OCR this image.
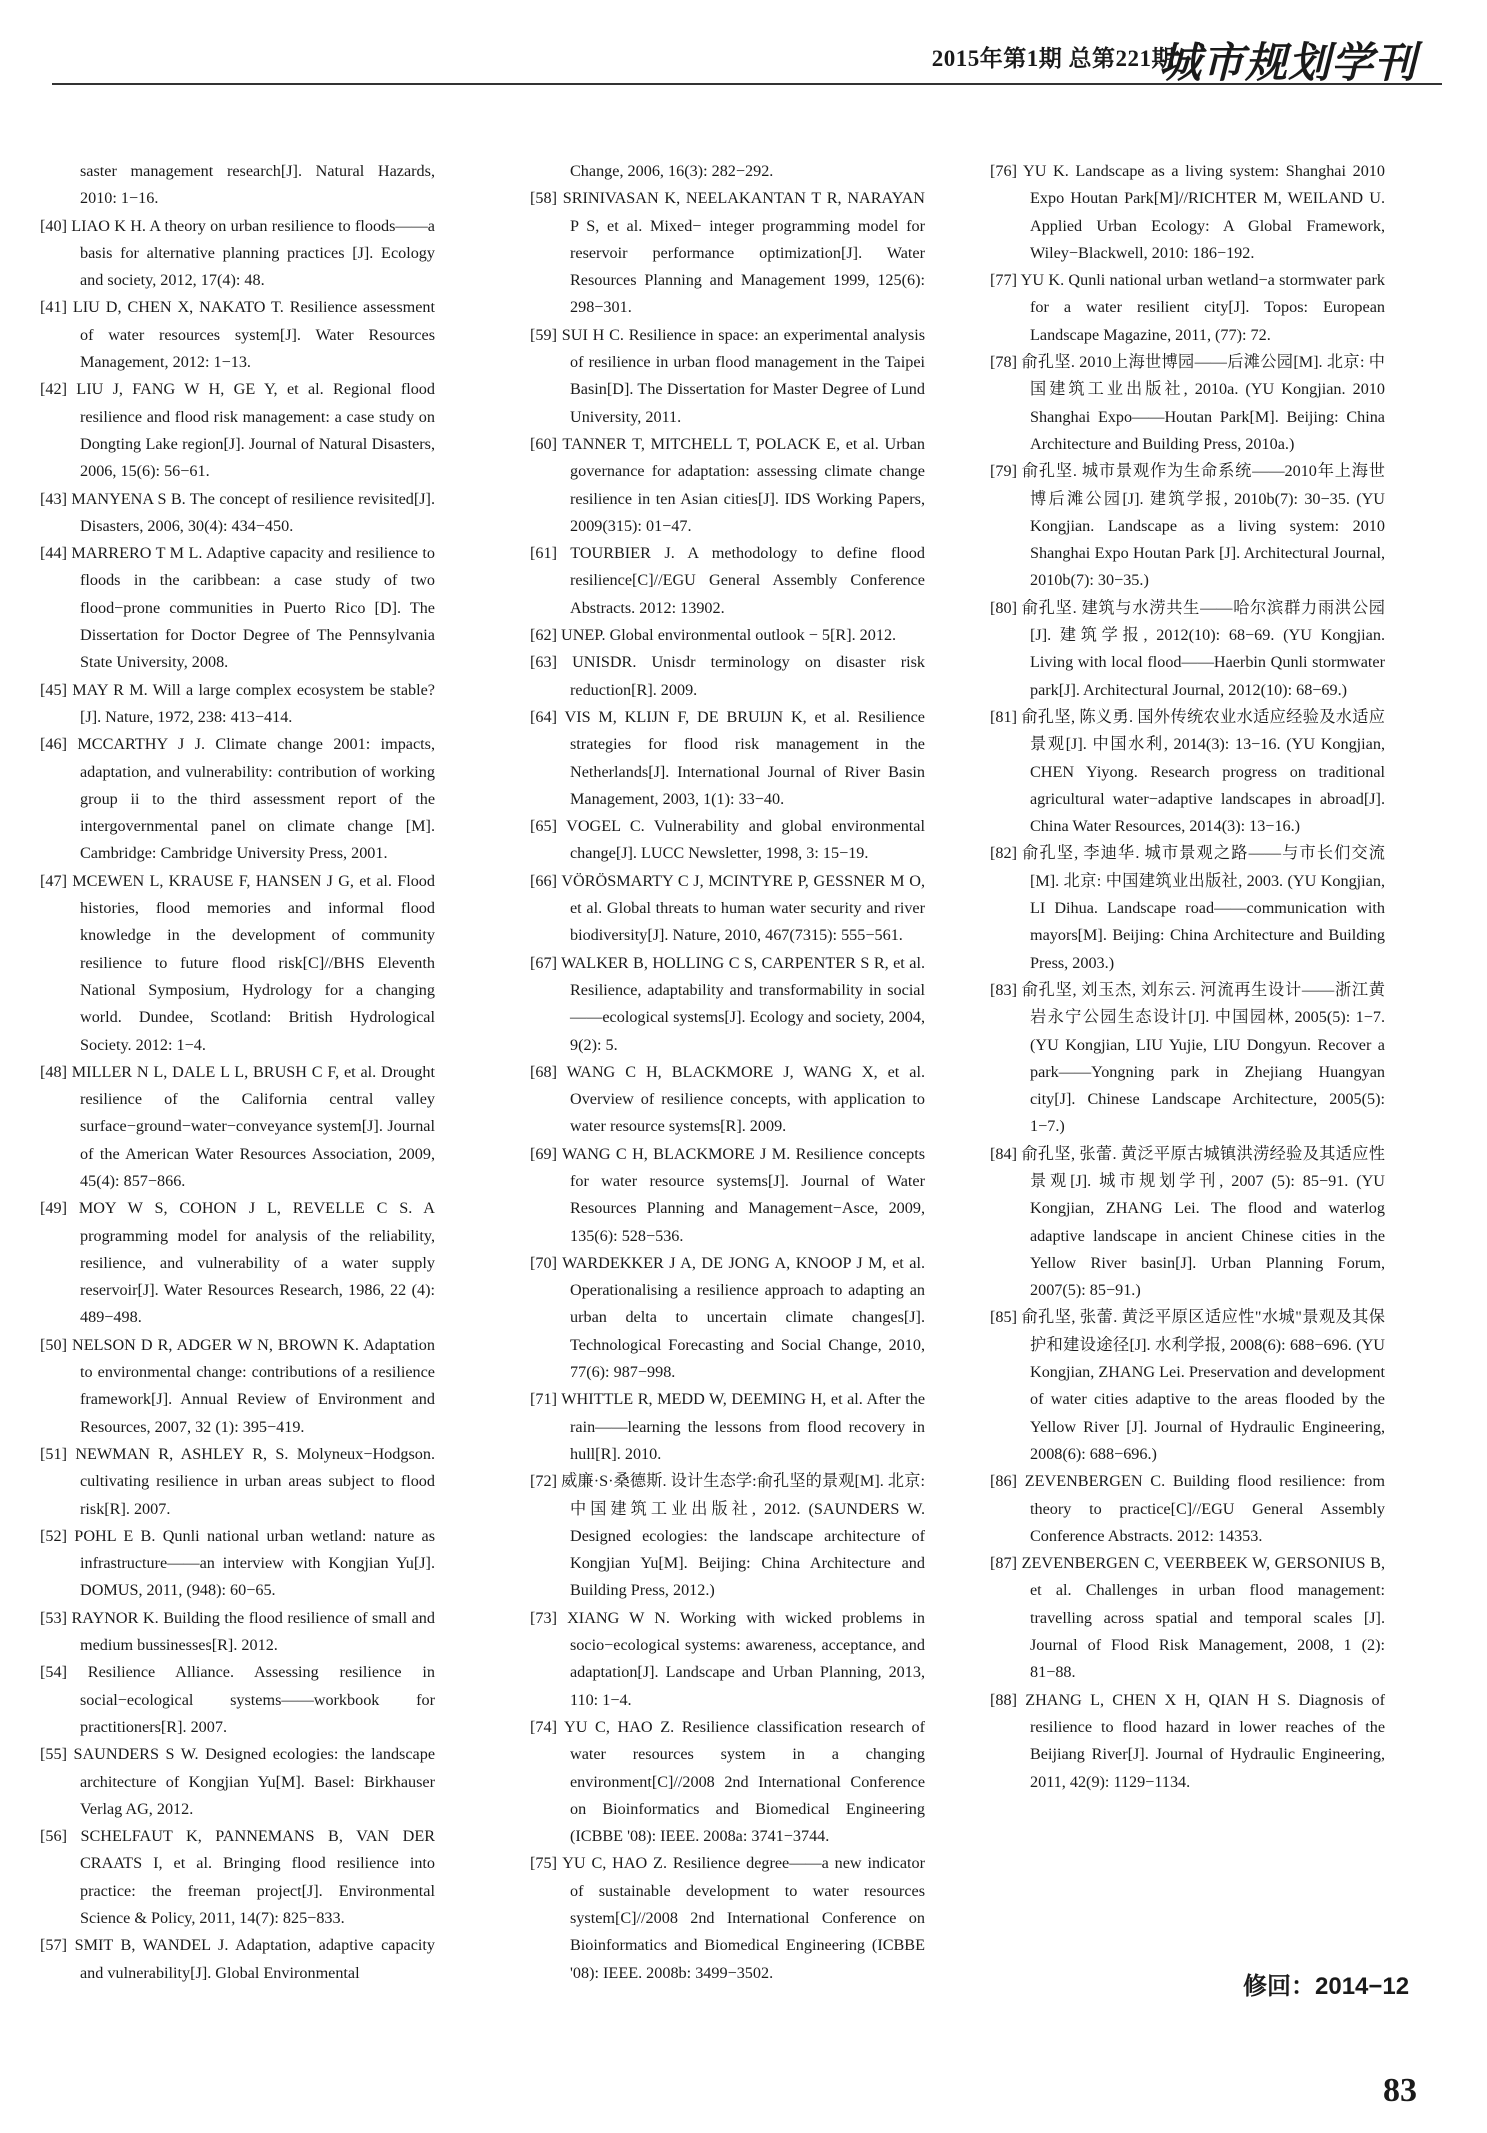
2015年第1期 总第221期
城市规划学刊

saster management research[J]. Natural Hazards, 2010: 1−16.

[40] LIAO K H. A theory on urban resilience to floods——a basis for alternative planning practices [J]. Ecology and society, 2012, 17(4): 48.

[41] LIU D, CHEN X, NAKATO T. Resilience assessment of water resources system[J]. Water Resources Management, 2012: 1−13.

[42] LIU J, FANG W H, GE Y, et al. Regional flood resilience and flood risk management: a case study on Dongting Lake region[J]. Journal of Natural Disasters, 2006, 15(6): 56−61.

[43] MANYENA S B. The concept of resilience revisited[J]. Disasters, 2006, 30(4): 434−450.

[44] MARRERO T M L. Adaptive capacity and resilience to floods in the caribbean: a case study of two flood−prone communities in Puerto Rico [D]. The Dissertation for Doctor Degree of The Pennsylvania State University, 2008.

[45] MAY R M. Will a large complex ecosystem be stable?[J]. Nature, 1972, 238: 413−414.

[46] MCCARTHY J J. Climate change 2001: impacts, adaptation, and vulnerability: contribution of working group ii to the third assessment report of the intergovernmental panel on climate change [M]. Cambridge: Cambridge University Press, 2001.

[47] MCEWEN L, KRAUSE F, HANSEN J G, et al. Flood histories, flood memories and informal flood knowledge in the development of community resilience to future flood risk[C]//BHS Eleventh National Symposium, Hydrology for a changing world. Dundee, Scotland: British Hydrological Society. 2012: 1−4.

[48] MILLER N L, DALE L L, BRUSH C F, et al. Drought resilience of the California central valley surface−ground−water−conveyance system[J]. Journal of the American Water Resources Association, 2009, 45(4): 857−866.

[49] MOY W S, COHON J L, REVELLE C S. A programming model for analysis of the reliability, resilience, and vulnerability of a water supply reservoir[J]. Water Resources Research, 1986, 22 (4): 489−498.

[50] NELSON D R, ADGER W N, BROWN K. Adaptation to environmental change: contributions of a resilience framework[J]. Annual Review of Environment and Resources, 2007, 32 (1): 395−419.

[51] NEWMAN R, ASHLEY R, S. Molyneux−Hodgson. cultivating resilience in urban areas subject to flood risk[R]. 2007.

[52] POHL E B. Qunli national urban wetland: nature as infrastructure——an interview with Kongjian Yu[J]. DOMUS, 2011, (948): 60−65.

[53] RAYNOR K. Building the flood resilience of small and medium bussinesses[R]. 2012.

[54] Resilience Alliance. Assessing resilience in social−ecological systems——workbook for practitioners[R]. 2007.

[55] SAUNDERS S W. Designed ecologies: the landscape architecture of Kongjian Yu[M]. Basel: Birkhauser Verlag AG, 2012.

[56] SCHELFAUT K, PANNEMANS B, VAN DER CRAATS I, et al. Bringing flood resilience into practice: the freeman project[J]. Environmental Science & Policy, 2011, 14(7): 825−833.

[57] SMIT B, WANDEL J. Adaptation, adaptive capacity and vulnerability[J]. Global Environmental

Change, 2006, 16(3): 282−292.

[58] SRINIVASAN K, NEELAKANTAN T R, NARAYAN P S, et al. Mixed− integer programming model for reservoir performance optimization[J]. Water Resources Planning and Management 1999, 125(6): 298−301.

[59] SUI H C. Resilience in space: an experimental analysis of resilience in urban flood management in the Taipei Basin[D]. The Dissertation for Master Degree of Lund University, 2011.

[60] TANNER T, MITCHELL T, POLACK E, et al. Urban governance for adaptation: assessing climate change resilience in ten Asian cities[J]. IDS Working Papers, 2009(315): 01−47.

[61] TOURBIER J. A methodology to define flood resilience[C]//EGU General Assembly Conference Abstracts. 2012: 13902.

[62] UNEP. Global environmental outlook − 5[R]. 2012.

[63] UNISDR. Unisdr terminology on disaster risk reduction[R]. 2009.

[64] VIS M, KLIJN F, DE BRUIJN K, et al. Resilience strategies for flood risk management in the Netherlands[J]. International Journal of River Basin Management, 2003, 1(1): 33−40.

[65] VOGEL C. Vulnerability and global environmental change[J]. LUCC Newsletter, 1998, 3: 15−19.

[66] VÖRÖSMARTY C J, MCINTYRE P, GESSNER M O, et al. Global threats to human water security and river biodiversity[J]. Nature, 2010, 467(7315): 555−561.

[67] WALKER B, HOLLING C S, CARPENTER S R, et al. Resilience, adaptability and transformability in social——ecological systems[J]. Ecology and society, 2004, 9(2): 5.

[68] WANG C H, BLACKMORE J, WANG X, et al. Overview of resilience concepts, with application to water resource systems[R]. 2009.

[69] WANG C H, BLACKMORE J M. Resilience concepts for water resource systems[J]. Journal of Water Resources Planning and Management−Asce, 2009, 135(6): 528−536.

[70] WARDEKKER J A, DE JONG A, KNOOP J M, et al. Operationalising a resilience approach to adapting an urban delta to uncertain climate changes[J]. Technological Forecasting and Social Change, 2010, 77(6): 987−998.

[71] WHITTLE R, MEDD W, DEEMING H, et al. After the rain——learning the lessons from flood recovery in hull[R]. 2010.

[72] 威廉·S·桑德斯. 设计生态学:俞孔坚的景观[M]. 北京: 中国建筑工业出版社, 2012. (SAUNDERS W. Designed ecologies: the landscape architecture of Kongjian Yu[M]. Beijing: China Architecture and Building Press, 2012.)

[73] XIANG W N. Working with wicked problems in socio−ecological systems: awareness, acceptance, and adaptation[J]. Landscape and Urban Planning, 2013, 110: 1−4.

[74] YU C, HAO Z. Resilience classification research of water resources system in a changing environment[C]//2008 2nd International Conference on Bioinformatics and Biomedical Engineering (ICBBE '08): IEEE. 2008a: 3741−3744.

[75] YU C, HAO Z. Resilience degree——a new indicator of sustainable development to water resources system[C]//2008 2nd International Conference on Bioinformatics and Biomedical Engineering (ICBBE '08): IEEE. 2008b: 3499−3502.

[76] YU K. Landscape as a living system: Shanghai 2010 Expo Houtan Park[M]//RICHTER M, WEILAND U. Applied Urban Ecology: A Global Framework, Wiley−Blackwell, 2010: 186−192.

[77] YU K. Qunli national urban wetland−a stormwater park for a water resilient city[J]. Topos: European Landscape Magazine, 2011, (77): 72.

[78] 俞孔坚. 2010上海世博园——后滩公园[M]. 北京: 中国建筑工业出版社, 2010a. (YU Kongjian. 2010 Shanghai Expo——Houtan Park[M]. Beijing: China Architecture and Building Press, 2010a.)

[79] 俞孔坚. 城市景观作为生命系统——2010年上海世博后滩公园[J]. 建筑学报, 2010b(7): 30−35. (YU Kongjian. Landscape as a living system: 2010 Shanghai Expo Houtan Park [J]. Architectural Journal, 2010b(7): 30−35.)

[80] 俞孔坚. 建筑与水涝共生——哈尔滨群力雨洪公园[J]. 建筑学报, 2012(10): 68−69. (YU Kongjian. Living with local flood——Haerbin Qunli stormwater park[J]. Architectural Journal, 2012(10): 68−69.)

[81] 俞孔坚, 陈义勇. 国外传统农业水适应经验及水适应景观[J]. 中国水利, 2014(3): 13−16. (YU Kongjian, CHEN Yiyong. Research progress on traditional agricultural water−adaptive landscapes in abroad[J]. China Water Resources, 2014(3): 13−16.)

[82] 俞孔坚, 李迪华. 城市景观之路——与市长们交流[M]. 北京: 中国建筑业出版社, 2003. (YU Kongjian, LI Dihua. Landscape road——communication with mayors[M]. Beijing: China Architecture and Building Press, 2003.)

[83] 俞孔坚, 刘玉杰, 刘东云. 河流再生设计——浙江黄岩永宁公园生态设计[J]. 中国园林, 2005(5): 1−7. (YU Kongjian, LIU Yujie, LIU Dongyun. Recover a park——Yongning park in Zhejiang Huangyan city[J]. Chinese Landscape Architecture, 2005(5): 1−7.)

[84] 俞孔坚, 张蕾. 黄泛平原古城镇洪涝经验及其适应性景观[J]. 城市规划学刊, 2007 (5): 85−91. (YU Kongjian, ZHANG Lei. The flood and waterlog adaptive landscape in ancient Chinese cities in the Yellow River basin[J]. Urban Planning Forum, 2007(5): 85−91.)

[85] 俞孔坚, 张蕾. 黄泛平原区适应性"水城"景观及其保护和建设途径[J]. 水利学报, 2008(6): 688−696. (YU Kongjian, ZHANG Lei. Preservation and development of water cities adaptive to the areas flooded by the Yellow River [J]. Journal of Hydraulic Engineering, 2008(6): 688−696.)

[86] ZEVENBERGEN C. Building flood resilience: from theory to practice[C]//EGU General Assembly Conference Abstracts. 2012: 14353.

[87] ZEVENBERGEN C, VEERBEEK W, GERSONIUS B, et al. Challenges in urban flood management: travelling across spatial and temporal scales [J]. Journal of Flood Risk Management, 2008, 1 (2): 81−88.

[88] ZHANG L, CHEN X H, QIAN H S. Diagnosis of resilience to flood hazard in lower reaches of the Beijiang River[J]. Journal of Hydraulic Engineering, 2011, 42(9): 1129−1134.

修回：2014−12
83
